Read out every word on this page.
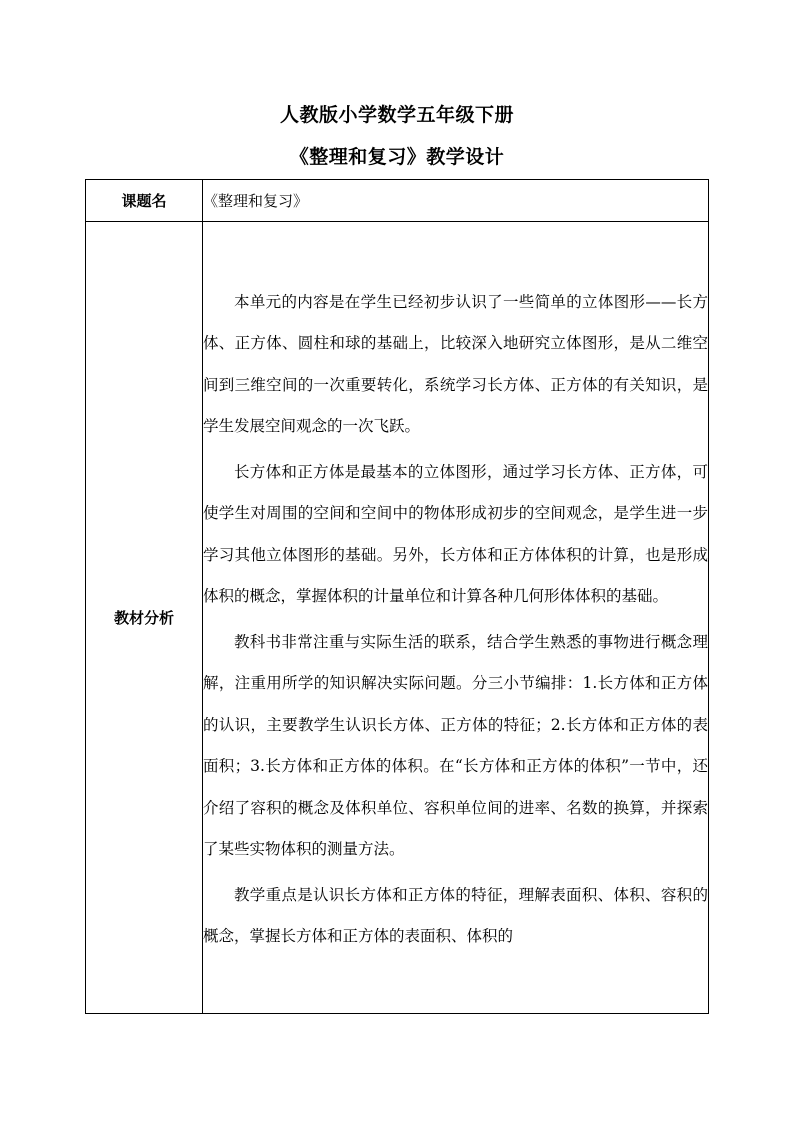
人教版小学数学五年级下册
《整理和复习》教学设计
课题名	《整理和复习》
教材分析	本单元的内容是在学生已经初步认识了一些简单的立体图形——长方体、正方体、圆柱和球的基础上，比较深入地研究立体图形，是从二维空间到三维空间的一次重要转化，系统学习长方体、正方体的有关知识，是学生发展空间观念的一次飞跃。

长方体和正方体是最基本的立体图形，通过学习长方体、正方体，可使学生对周围的空间和空间中的物体形成初步的空间观念，是学生进一步学习其他立体图形的基础。另外，长方体和正方体体积的计算，也是形成体积的概念，掌握体积的计量单位和计算各种几何形体体积的基础。

教科书非常注重与实际生活的联系，结合学生熟悉的事物进行概念理解，注重用所学的知识解决实际问题。分三小节编排：1.长方体和正方体的认识，主要教学生认识长方体、正方体的特征；2.长方体和正方体的表面积；3.长方体和正方体的体积。在“长方体和正方体的体积”一节中，还介绍了容积的概念及体积单位、容积单位间的进率、名数的换算，并探索了某些实物体积的测量方法。

教学重点是认识长方体和正方体的特征，理解表面积、体积、容积的概念，掌握长方体和正方体的表面积、体积的
